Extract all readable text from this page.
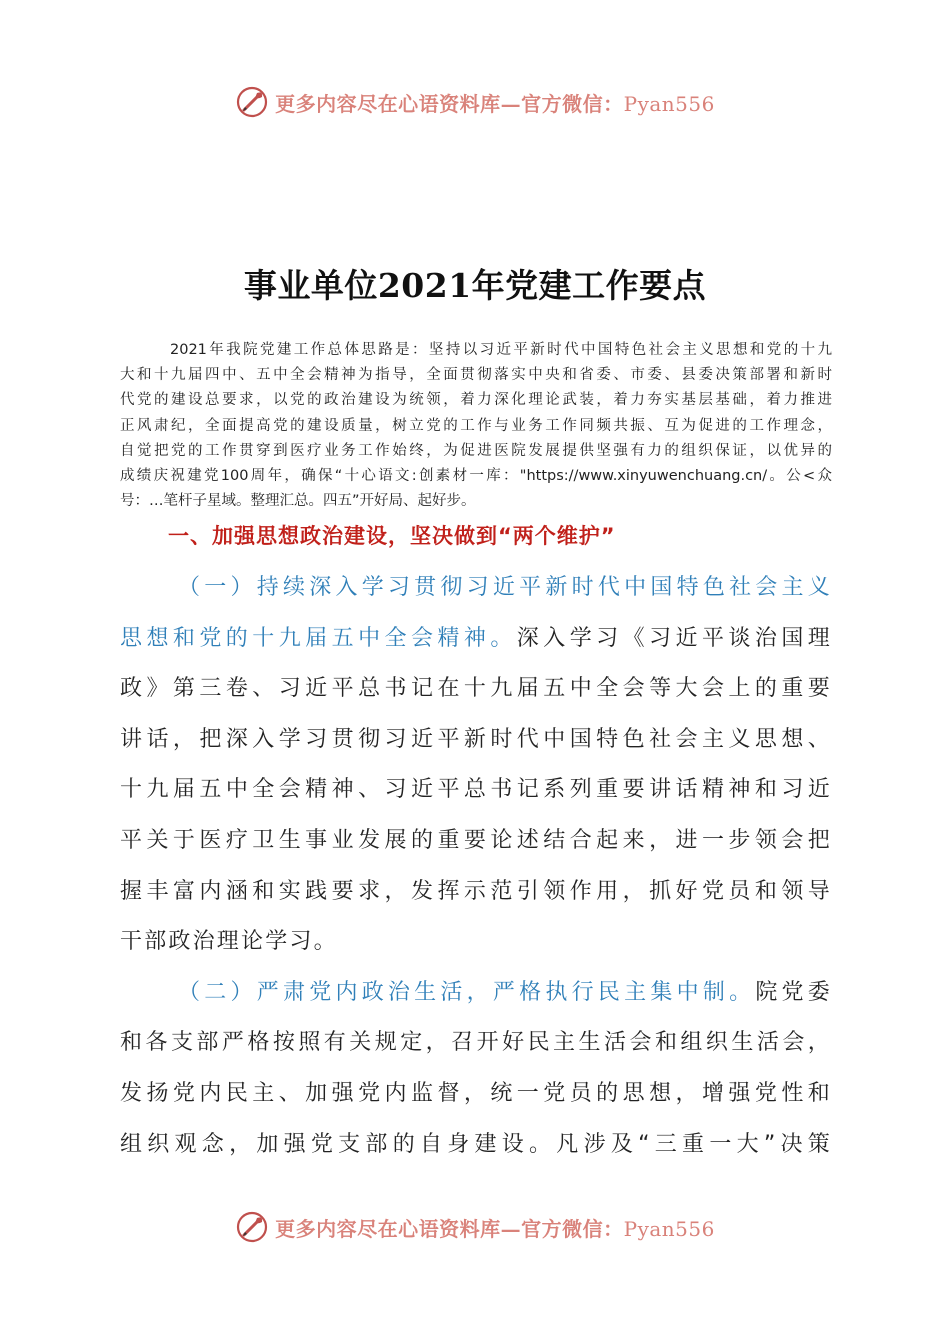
更多内容尽在心语资料库—官方微信：Pyan556
事业单位2021年党建工作要点
2021年我院党建工作总体思路是：坚持以习近平新时代中国特色社会主义思想和党的十九
大和十九届四中、五中全会精神为指导，全面贯彻落实中央和省委、市委、县委决策部署和新时
代党的建设总要求，以党的政治建设为统领，着力深化理论武装，着力夯实基层基础，着力推进
正风肃纪，全面提高党的建设质量，树立党的工作与业务工作同频共振、互为促进的工作理念，
自觉把党的工作贯穿到医疗业务工作始终，为促进医院发展提供坚强有力的组织保证，以优异的
成绩庆祝建党100周年，确保“十心语文:创素材一库："https://www.xinyuwenchuang.cn/。公<众
号：…笔杆子星域。整理汇总。四五”开好局、起好步。
一、加强思想政治建设，坚决做到“两个维护”
（一）持续深入学习贯彻习近平新时代中国特色社会主义
思想和党的十九届五中全会精神。深入学习《习近平谈治国理
政》第三卷、习近平总书记在十九届五中全会等大会上的重要
讲话，把深入学习贯彻习近平新时代中国特色社会主义思想、
十九届五中全会精神、习近平总书记系列重要讲话精神和习近
平关于医疗卫生事业发展的重要论述结合起来，进一步领会把
握丰富内涵和实践要求，发挥示范引领作用，抓好党员和领导
干部政治理论学习。
（二）严肃党内政治生活，严格执行民主集中制。院党委
和各支部严格按照有关规定，召开好民主生活会和组织生活会，
发扬党内民主、加强党内监督，统一党员的思想，增强党性和
组织观念，加强党支部的自身建设。凡涉及“三重一大”决策
更多内容尽在心语资料库—官方微信：Pyan556
